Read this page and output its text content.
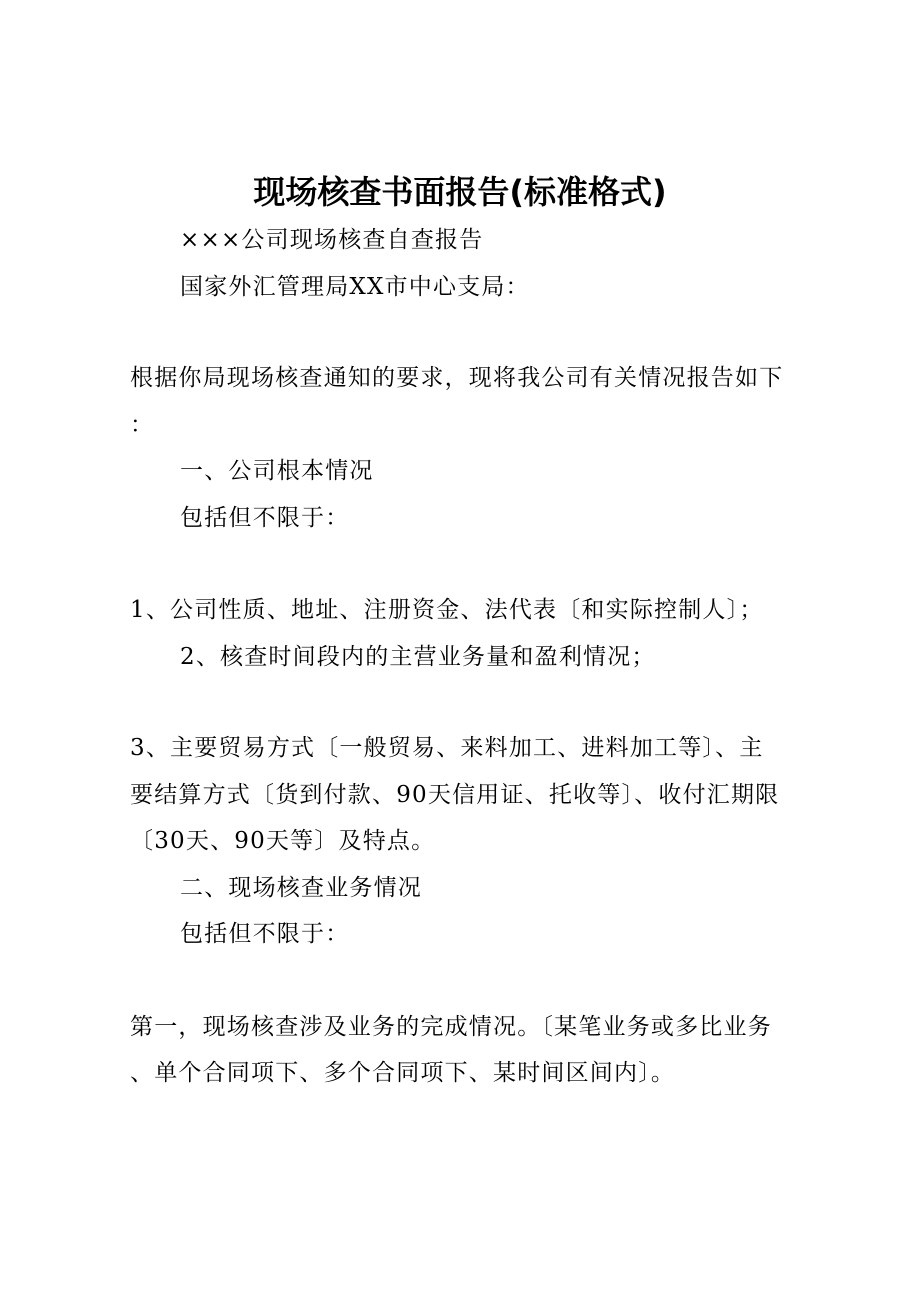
现场核查书面报告(标准格式)
×××公司现场核查自查报告
国家外汇管理局XX市中心支局：
根据你局现场核查通知的要求，现将我公司有关情况报告如下
：
一、公司根本情况
包括但不限于：
1、公司性质、地址、注册资金、法代表〔和实际控制人〕；
2、核查时间段内的主营业务量和盈利情况；
3、主要贸易方式〔一般贸易、来料加工、进料加工等〕、主
要结算方式〔货到付款、90天信用证、托收等〕、收付汇期限
〔30天、90天等〕及特点。
二、现场核查业务情况
包括但不限于：
第一，现场核查涉及业务的完成情况。〔某笔业务或多比业务
、单个合同项下、多个合同项下、某时间区间内〕。
